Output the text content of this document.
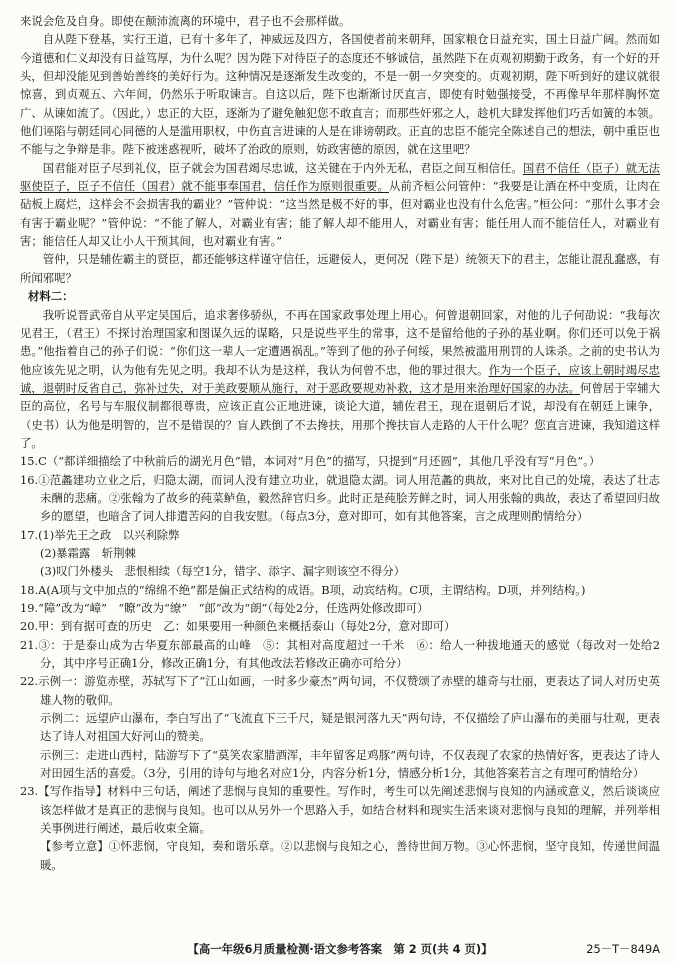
来说会危及自身。即使在颠沛流离的环境中，君子也不会那样做。

自从陛下登基，实行王道，已有十多年了，神威远及四方，各国使者前来朝拜，国家粮仓日益充实，国土日益广阔。然而如今道德和仁义却没有日益笃厚，为什么呢？因为陛下对待臣子的态度还不够诚信，虽然陛下在贞观初期勤于政务，有一个好的开头，但却没能见到善始善终的美好行为。这种情况是逐渐发生改变的，不是一朝一夕突变的。贞观初期，陛下听到好的建议就很惊喜，到贞观五、六年间，仍然乐于听取谏言。自这以后，陛下也渐渐讨厌直言，即使有时勉强接受，不再像早年那样胸怀宽广、从谏如流了。（因此，）忠正的大臣，逐渐为了避免触犯您不敢直言；而那些奸邪之人，趁机大肆发挥他们巧舌如簧的本领。他们诬陷与朝廷同心同德的人是滥用职权，中伤直言进谏的人是在诽谤朝政。正直的忠臣不能完全陈述自己的想法，朝中重臣也不能与之争辩是非。陛下被迷惑视听，破坏了治政的原则，妨政害德的原因，就在这里吧？

国君能对臣子尽到礼仪，臣子就会为国君竭尽忠诚，这关键在于内外无私，君臣之间互相信任。国君不信任（臣子）就无法驱使臣子，臣子不信任（国君）就不能事奉国君，信任作为原则很重要。从前齐桓公问管仲：“我要是让酒在杯中变质，让肉在砧板上腐烂，这样会不会损害我的霸业？”管仲说：“这当然是极不好的事，但对霸业也没有什么危害。”桓公问：“那什么事才会有害于霸业呢？”管仲说：“不能了解人，对霸业有害；能了解人却不能用人，对霸业有害；能任用人而不能信任人，对霸业有害；能信任人却又让小人干预其间，也对霸业有害。”

管仲，只是辅佐霸主的贤臣，都还能够这样谨守信任，远避佞人，更何况（陛下是）统领天下的君主，怎能让混乱蠢惑，有所闻邪呢？

材料二：

我听说晋武帝自从平定吴国后，追求奢侈骄纵，不再在国家政事处理上用心。何曾退朝回家，对他的儿子何劭说：“我每次见君王，（君王）不探讨治理国家和图谋久远的谋略，只是说些平生的常事，这不是留给他的子孙的基业啊。你们还可以免于祸患。”他指着自己的孙子们说：“你们这一辈人一定遭遇祸乱。”等到了他的孙子何绥，果然被滥用刑罚的人诛杀。之前的史书认为他应该先见之明，认为他有先见之明。我却不认为是这样，我认为何曾不忠，他的罪过很大。作为一个臣子，应该上朝时竭尽忠诚，退朝时反省自己，弥补过失，对于美政要顺从施行，对于恶政要规劝补救，这才是用来治理好国家的办法。何曾居于宰辅大臣的高位，名号与车服仪制都很尊贵，应该正直公正地进谏，谈论大道，辅佐君王，现在退朝后才说，却没有在朝廷上谏争，（史书）认为他是明智的，岂不是错误的？盲人跌倒了不去搀扶，用那个搀扶盲人走路的人干什么呢？您直言进谏，我知道这样了。

15.C（“都详细描绘了中秋前后的湖光月色”错，本词对“月色”的描写，只提到“月还圆”，其他几乎没有写“月色”。）

16.①范蠡建功立业之后，归隐太湖，而词人没有建立功业，就退隐太湖。词人用范蠡的典故，来对比自己的处境，表达了壮志未酬的悲痛。②张翰为了故乡的莼菜鲈鱼，毅然辞官归乡。此时正是莼脍芳鲜之时，词人用张翰的典故，表达了希望回归故乡的愿望，也暗含了词人排遣苦闷的自我安慰。（每点3分，意对即可，如有其他答案，言之成理则酌情给分）

17.(1)举先王之政　以兴利除弊

(2)暴霜露　斩荆棘

(3)叹门外楼头　悲恨相续（每空1分，错字、添字、漏字则该空不得分）

18.A(A项与文中加点的“绵绵不绝”都是偏正式结构的成语。B项，动宾结构。C项，主谓结构。D项，并列结构。)

19.“障”改为“嶂”　“瞭”改为“缭”　“郎”改为“朗”（每处2分，任选两处修改即可）

20.甲：到有据可查的历史　乙：如果要用一种颜色来概括泰山（每处2分，意对即可）

21.③：于是泰山成为古华夏东部最高的山峰　⑤：其相对高度超过一千米　⑥：给人一种拔地通天的感觉（每改对一处给2分，其中序号正确1分，修改正确1分，有其他改法若修改正确亦可给分）

22.示例一：游览赤壁，苏轼写下了“江山如画，一时多少豪杰”两句词，不仅赞颂了赤壁的雄奇与壮丽，更表达了词人对历史英雄人物的敬仰。

示例二：远望庐山瀑布，李白写出了“飞流直下三千尺，疑是银河落九天”两句诗，不仅描绘了庐山瀑布的美丽与壮观，更表达了诗人对祖国大好河山的赞美。

示例三：走进山西村，陆游写下了“莫笑农家腊酒浑，丰年留客足鸡豚”两句诗，不仅表现了农家的热情好客，更表达了诗人对田园生活的喜爱。（3分，引用的诗句与地名对应1分，内容分析1分，情感分析1分，其他答案若言之有理可酌情给分）

23.【写作指导】材料中三句话，阐述了悲悯与良知的重要性。写作时，考生可以先阐述悲悯与良知的内涵或意义，然后谈谈应该怎样做才是真正的悲悯与良知。也可以从另外一个思路入手，如结合材料和现实生活来谈对悲悯与良知的理解，并列举相关事例进行阐述，最后收束全篇。

【参考立意】①怀悲悯，守良知，奏和谐乐章。②以悲悯与良知之心，善待世间万物。③心怀悲悯，坚守良知，传递世间温暖。

【高一年级6月质量检测·语文参考答案　第 2 页(共 4 页)】	25－T－849A
